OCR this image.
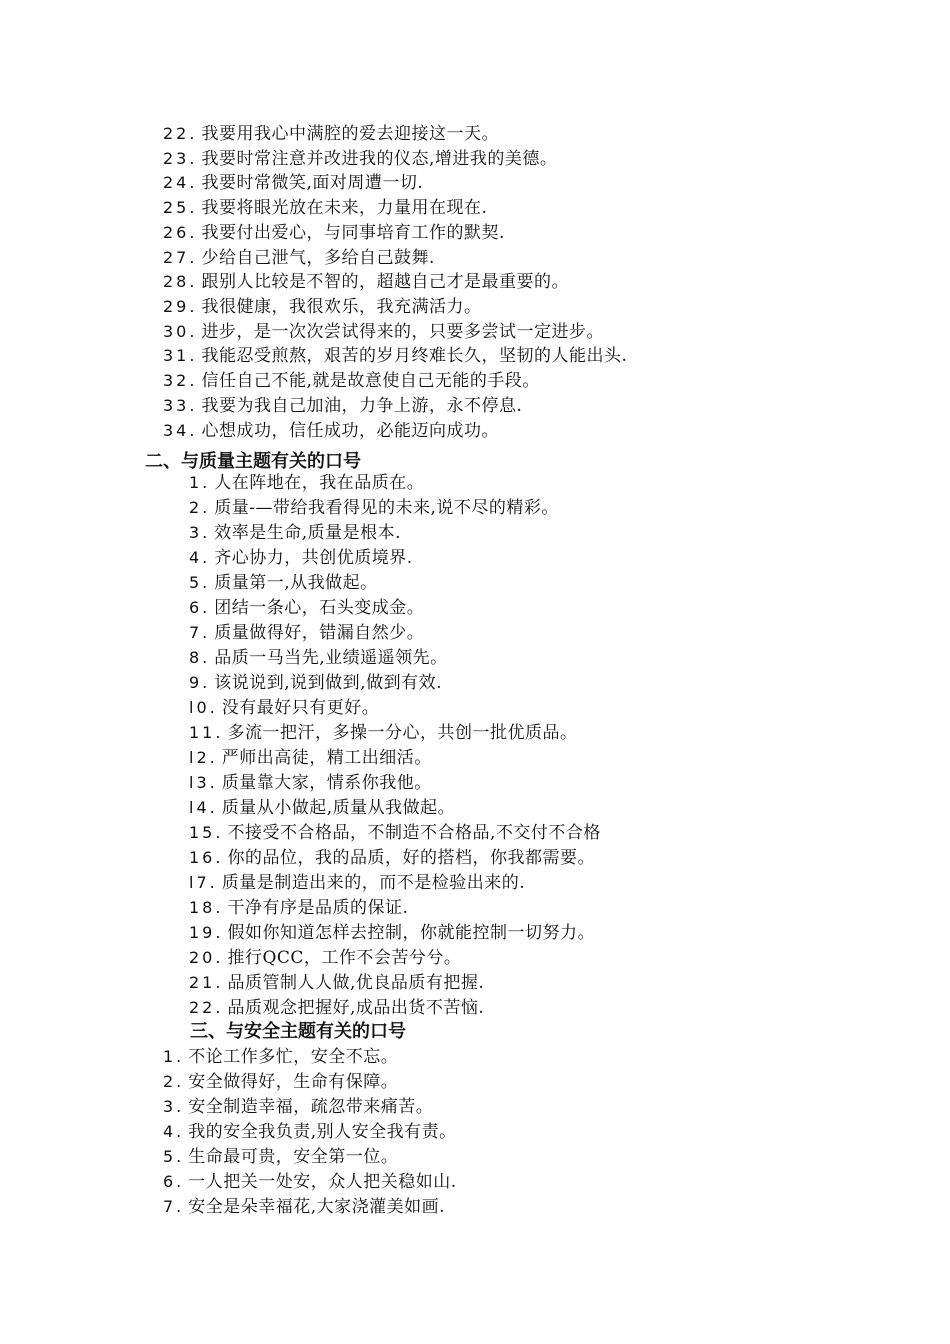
22. 我要用我心中满腔的爱去迎接这一天。
23. 我要时常注意并改进我的仪态,增进我的美德。
24. 我要时常微笑,面对周遭一切.
25. 我要将眼光放在未来，力量用在现在.
26. 我要付出爱心，与同事培育工作的默契.
27. 少给自己泄气，多给自己鼓舞.
28. 跟别人比较是不智的，超越自己才是最重要的。
29. 我很健康，我很欢乐，我充满活力。
30. 进步，是一次次尝试得来的，只要多尝试一定进步。
31. 我能忍受煎熬，艰苦的岁月终难长久，坚韧的人能出头.
32. 信任自己不能,就是故意使自己无能的手段。
33. 我要为我自己加油，力争上游，永不停息.
34. 心想成功，信任成功，必能迈向成功。
二、与质量主题有关的口号
1. 人在阵地在，我在品质在。
2. 质量-—带给我看得见的未来,说不尽的精彩。
3. 效率是生命,质量是根本.
4. 齐心协力，共创优质境界.
5. 质量第一,从我做起。
6. 团结一条心，石头变成金。
7. 质量做得好，错漏自然少。
8. 品质一马当先,业绩遥遥领先。
9. 该说说到,说到做到,做到有效.
l0. 没有最好只有更好。
11. 多流一把汗，多操一分心，共创一批优质品。
l2. 严师出高徒，精工出细活。
l3. 质量靠大家，情系你我他。
l4. 质量从小做起,质量从我做起。
15. 不接受不合格品，不制造不合格品,不交付不合格
16. 你的品位，我的品质，好的搭档，你我都需要。
l7. 质量是制造出来的，而不是检验出来的.
18. 干净有序是品质的保证.
19. 假如你知道怎样去控制，你就能控制一切努力。
20. 推行QCC，工作不会苦兮兮。
21. 品质管制人人做,优良品质有把握.
22. 品质观念把握好,成品出货不苦恼.
三、与安全主题有关的口号
1. 不论工作多忙，安全不忘。
2. 安全做得好，生命有保障。
3. 安全制造幸福，疏忽带来痛苦。
4. 我的安全我负责,别人安全我有责。
5. 生命最可贵，安全第一位。
6. 一人把关一处安，众人把关稳如山.
7. 安全是朵幸福花,大家浇灌美如画.
